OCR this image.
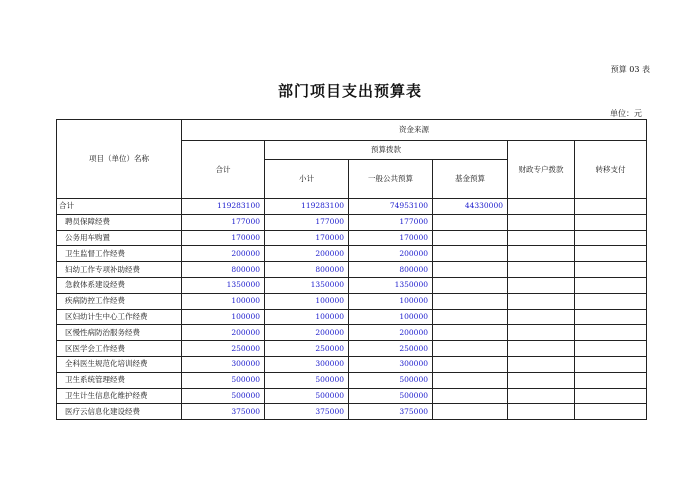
预算 03 表
部门项目支出预算表
单位：元
项目（单位）名称	资金来源					
	合计	预算拨款			财政专户拨款	转移支付
		小计	一般公共预算	基金预算		
合计	119283100	119283100	74953100	44330000		
聘员保障经费	177000	177000	177000			
公务用车购置	170000	170000	170000			
卫生监督工作经费	200000	200000	200000			
妇幼工作专项补助经费	800000	800000	800000			
急救体系建设经费	1350000	1350000	1350000			
疾病防控工作经费	100000	100000	100000			
区妇幼计生中心工作经费	100000	100000	100000			
区慢性病防治服务经费	200000	200000	200000			
区医学会工作经费	250000	250000	250000			
全科医生规范化培训经费	300000	300000	300000			
卫生系统管理经费	500000	500000	500000			
卫生计生信息化维护经费	500000	500000	500000			
医疗云信息化建设经费	375000	375000	375000			
